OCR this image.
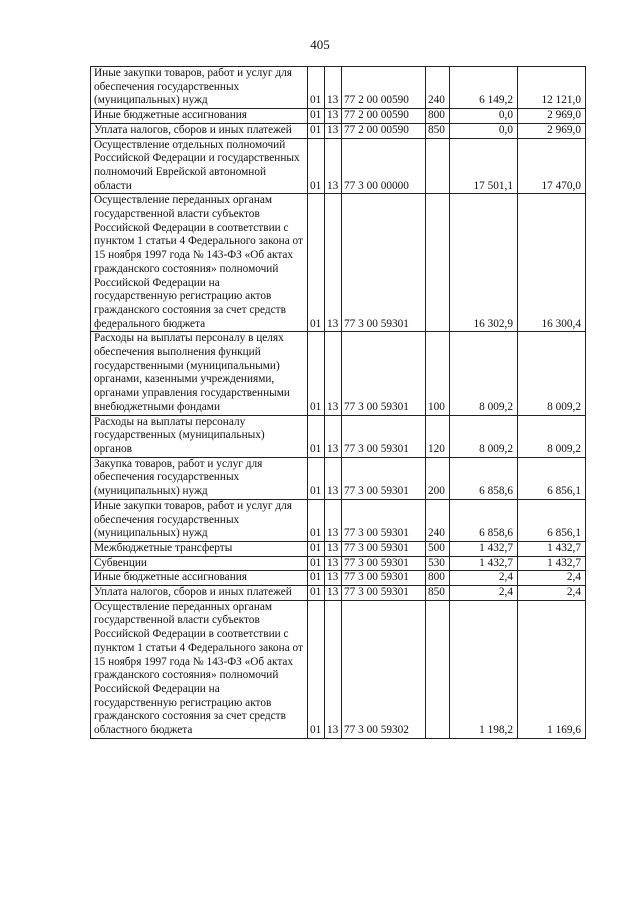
405
Иные закупки товаров, работ и услуг для обеспечения государственных (муниципальных) нужд	01	13	77 2 00 00590	240	6 149,2	12 121,0
Иные бюджетные ассигнования	01	13	77 2 00 00590	800	0,0	2 969,0
Уплата налогов, сборов и иных платежей	01	13	77 2 00 00590	850	0,0	2 969,0
Осуществление отдельных полномочий Российской Федерации и государственных полномочий Еврейской автономной области	01	13	77 3 00 00000		17 501,1	17 470,0
Осуществление переданных органам государственной власти субъектов Российской Федерации в соответствии с пунктом 1 статьи 4 Федерального закона от 15 ноября 1997 года № 143-ФЗ «Об актах гражданского состояния» полномочий Российской Федерации на государственную регистрацию актов гражданского состояния за счет средств федерального бюджета	01	13	77 3 00 59301		16 302,9	16 300,4
Расходы на выплаты персоналу в целях обеспечения выполнения функций государственными (муниципальными) органами, казенными учреждениями, органами управления государственными внебюджетными фондами	01	13	77 3 00 59301	100	8 009,2	8 009,2
Расходы на выплаты персоналу государственных (муниципальных) органов	01	13	77 3 00 59301	120	8 009,2	8 009,2
Закупка товаров, работ и услуг для обеспечения государственных (муниципальных) нужд	01	13	77 3 00 59301	200	6 858,6	6 856,1
Иные закупки товаров, работ и услуг для обеспечения государственных (муниципальных) нужд	01	13	77 3 00 59301	240	6 858,6	6 856,1
Межбюджетные трансферты	01	13	77 3 00 59301	500	1 432,7	1 432,7
Субвенции	01	13	77 3 00 59301	530	1 432,7	1 432,7
Иные бюджетные ассигнования	01	13	77 3 00 59301	800	2,4	2,4
Уплата налогов, сборов и иных платежей	01	13	77 3 00 59301	850	2,4	2,4
Осуществление переданных органам государственной власти субъектов Российской Федерации в соответствии с пунктом 1 статьи 4 Федерального закона от 15 ноября 1997 года № 143-ФЗ «Об актах гражданского состояния» полномочий Российской Федерации на государственную регистрацию актов гражданского состояния за счет средств областного бюджета	01	13	77 3 00 59302		1 198,2	1 169,6
